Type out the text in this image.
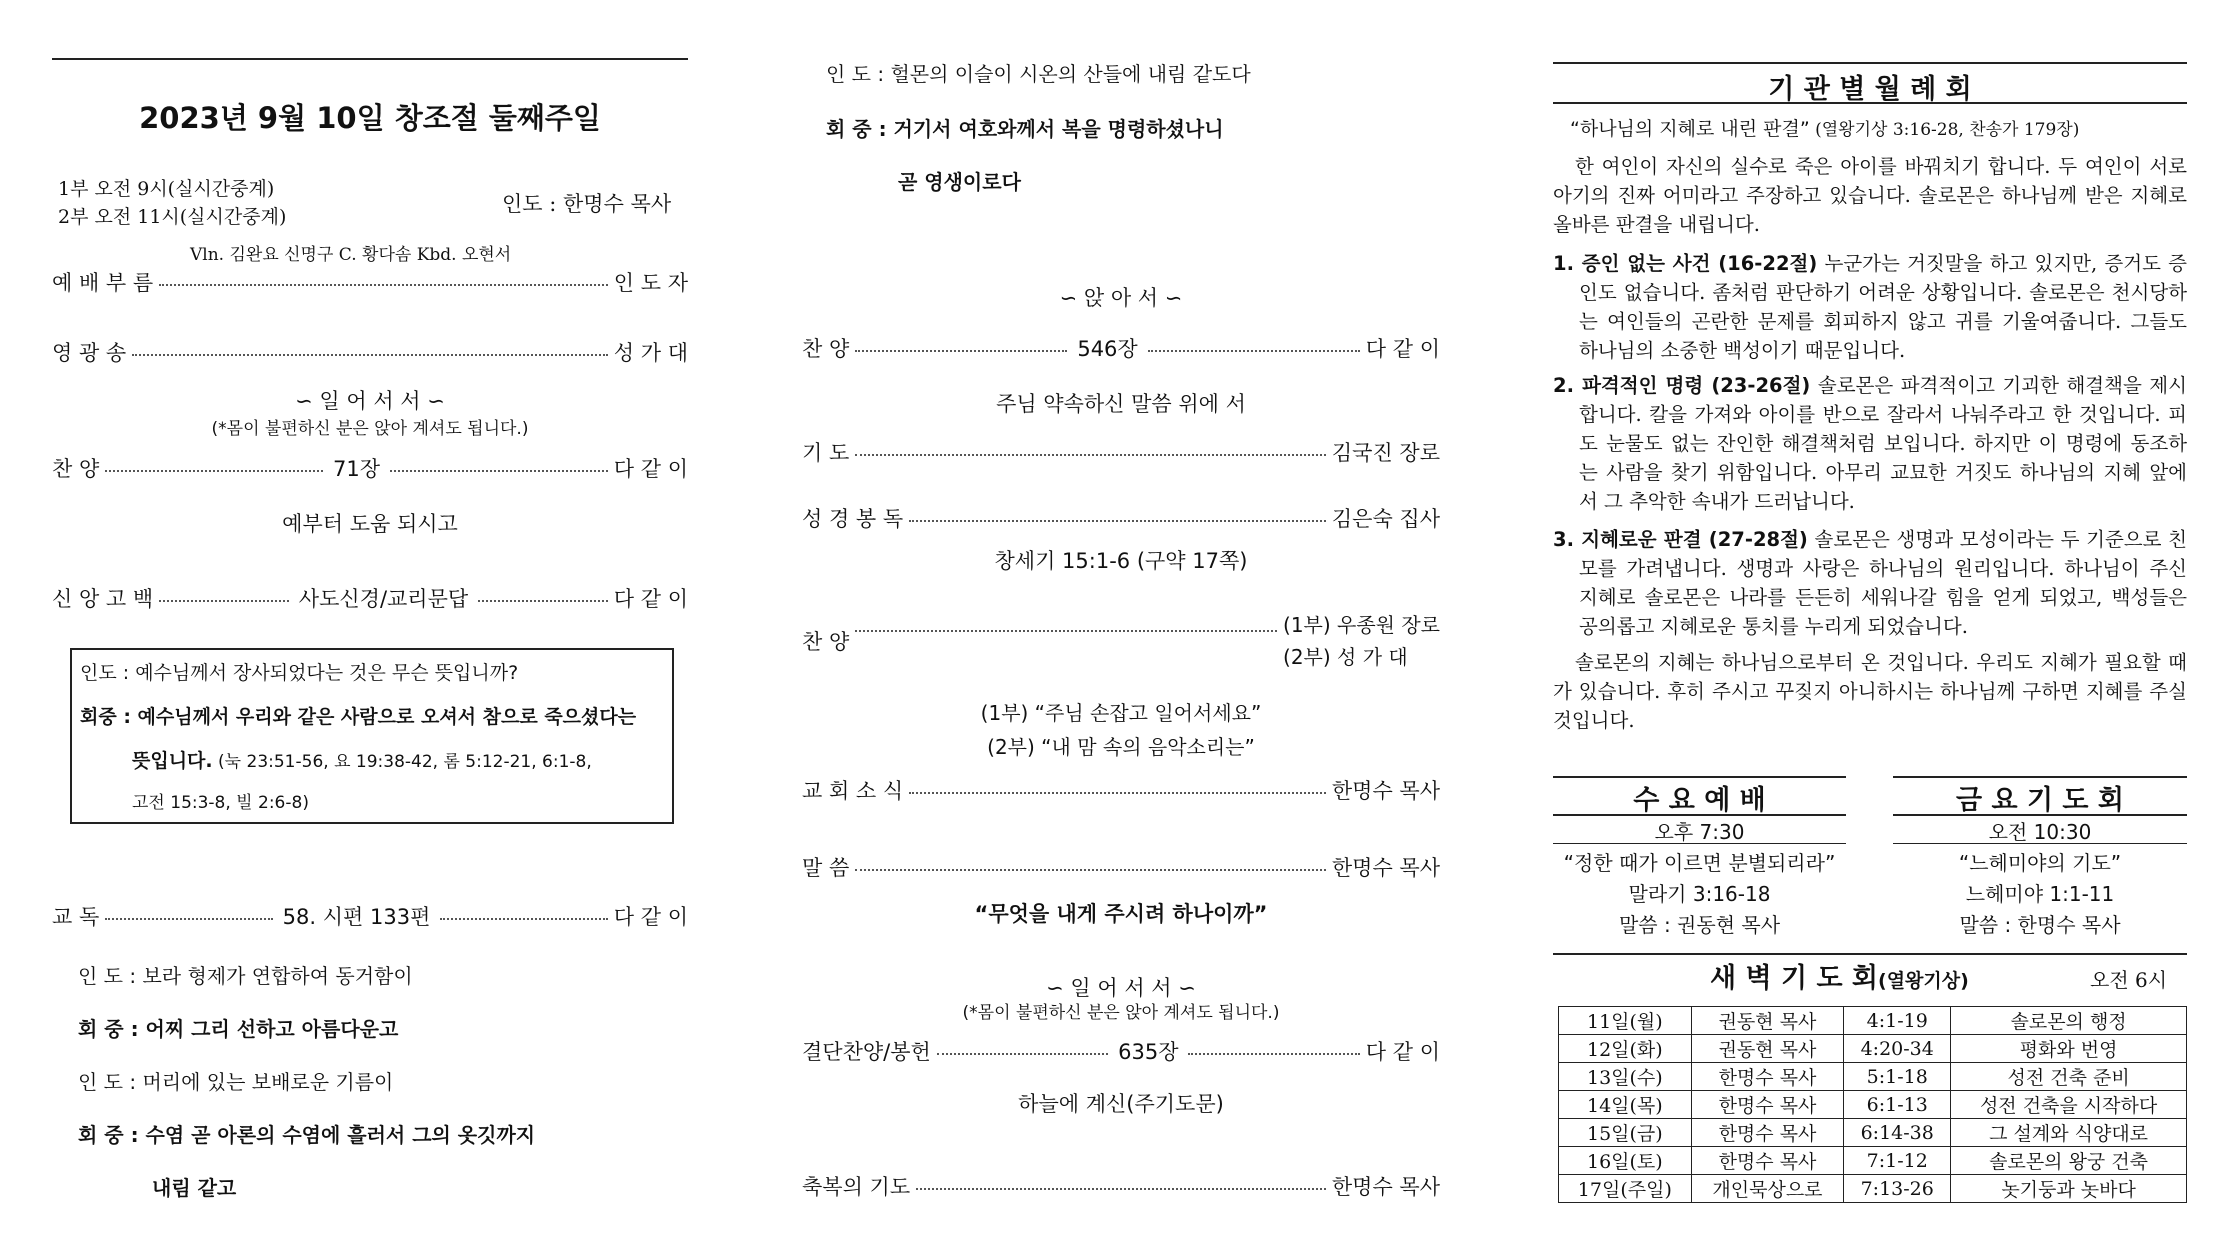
2023년 9월 10일 창조절 둘째주일
1부 오전 9시(실시간중계)
2부 오전 11시(실시간중계)
인도 : 한명수 목사
Vln. 김완요 신명구 C. 황다솜 Kbd. 오현서
예 배 부 름	인 도 자
영 광 송	성 가 대
∽ 일 어 서 서 ∽
(*몸이 불편하신 분은 앉아 계셔도 됩니다.)
찬 양	71장	다 같 이
예부터 도움 되시고
신 앙 고 백	사도신경/교리문답	다 같 이
인도 : 예수님께서 장사되었다는 것은 무슨 뜻입니까?
회중 : 예수님께서 우리와 같은 사람으로 오셔서 참으로 죽으셨다는
뜻입니다. (눅 23:51-56, 요 19:38-42, 롬 5:12-21, 6:1-8,
고전 15:3-8, 빌 2:6-8)
교 독	58. 시편 133편	다 같 이
인 도 : 보라 형제가 연합하여 동거함이
회 중 : 어찌 그리 선하고 아름다운고
인 도 : 머리에 있는 보배로운 기름이
회 중 : 수염 곧 아론의 수염에 흘러서 그의 옷깃까지
내림 같고
인 도 : 헐몬의 이슬이 시온의 산들에 내림 같도다
회 중 : 거기서 여호와께서 복을 명령하셨나니
곧 영생이로다
∽ 앉 아 서 ∽
찬 양	546장	다 같 이
주님 약속하신 말씀 위에 서
기 도	김국진 장로
성 경 봉 독	김은숙 집사
창세기 15:1-6 (구약 17쪽)
찬 양
(1부) 우종원 장로
(2부) 성 가 대
(1부) “주님 손잡고 일어서세요”
(2부) “내 맘 속의 음악소리는”
교 회 소 식	한명수 목사
말 씀	한명수 목사
“무엇을 내게 주시려 하나이까”
∽ 일 어 서 서 ∽
(*몸이 불편하신 분은 앉아 계셔도 됩니다.)
결단찬양/봉헌	635장	다 같 이
하늘에 계신(주기도문)
축복의 기도	한명수 목사
기 관 별 월 례 회
“하나님의 지혜로 내린 판결” (열왕기상 3:16-28, 찬송가 179장)
한 여인이 자신의 실수로 죽은 아이를 바꿔치기 합니다. 두 여인이 서로 아기의 진짜 어미라고 주장하고 있습니다. 솔로몬은 하나님께 받은 지혜로 올바른 판결을 내립니다.
1. 증인 없는 사건 (16-22절) 누군가는 거짓말을 하고 있지만, 증거도 증인도 없습니다. 좀처럼 판단하기 어려운 상황입니다. 솔로몬은 천시당하는 여인들의 곤란한 문제를 회피하지 않고 귀를 기울여줍니다. 그들도 하나님의 소중한 백성이기 때문입니다.
2. 파격적인 명령 (23-26절) 솔로몬은 파격적이고 기괴한 해결책을 제시합니다. 칼을 가져와 아이를 반으로 잘라서 나눠주라고 한 것입니다. 피도 눈물도 없는 잔인한 해결책처럼 보입니다. 하지만 이 명령에 동조하는 사람을 찾기 위함입니다. 아무리 교묘한 거짓도 하나님의 지혜 앞에서 그 추악한 속내가 드러납니다.
3. 지혜로운 판결 (27-28절) 솔로몬은 생명과 모성이라는 두 기준으로 친모를 가려냅니다. 생명과 사랑은 하나님의 원리입니다. 하나님이 주신 지혜로 솔로몬은 나라를 든든히 세워나갈 힘을 얻게 되었고, 백성들은 공의롭고 지혜로운 통치를 누리게 되었습니다.
솔로몬의 지혜는 하나님으로부터 온 것입니다. 우리도 지혜가 필요할 때가 있습니다. 후히 주시고 꾸짖지 아니하시는 하나님께 구하면 지혜를 주실 것입니다.
수 요 예 배
오후 7:30
“정한 때가 이르면 분별되리라”
말라기 3:16-18
말씀 : 권동현 목사
금 요 기 도 회
오전 10:30
“느헤미야의 기도”
느헤미야 1:1-11
말씀 : 한명수 목사
새 벽 기 도 회(열왕기상)	오전 6시
11일(월)	권동현 목사	4:1-19	솔로몬의 행정
12일(화)	권동현 목사	4:20-34	평화와 번영
13일(수)	한명수 목사	5:1-18	성전 건축 준비
14일(목)	한명수 목사	6:1-13	성전 건축을 시작하다
15일(금)	한명수 목사	6:14-38	그 설계와 식양대로
16일(토)	한명수 목사	7:1-12	솔로몬의 왕궁 건축
17일(주일)	개인묵상으로	7:13-26	놋기둥과 놋바다
